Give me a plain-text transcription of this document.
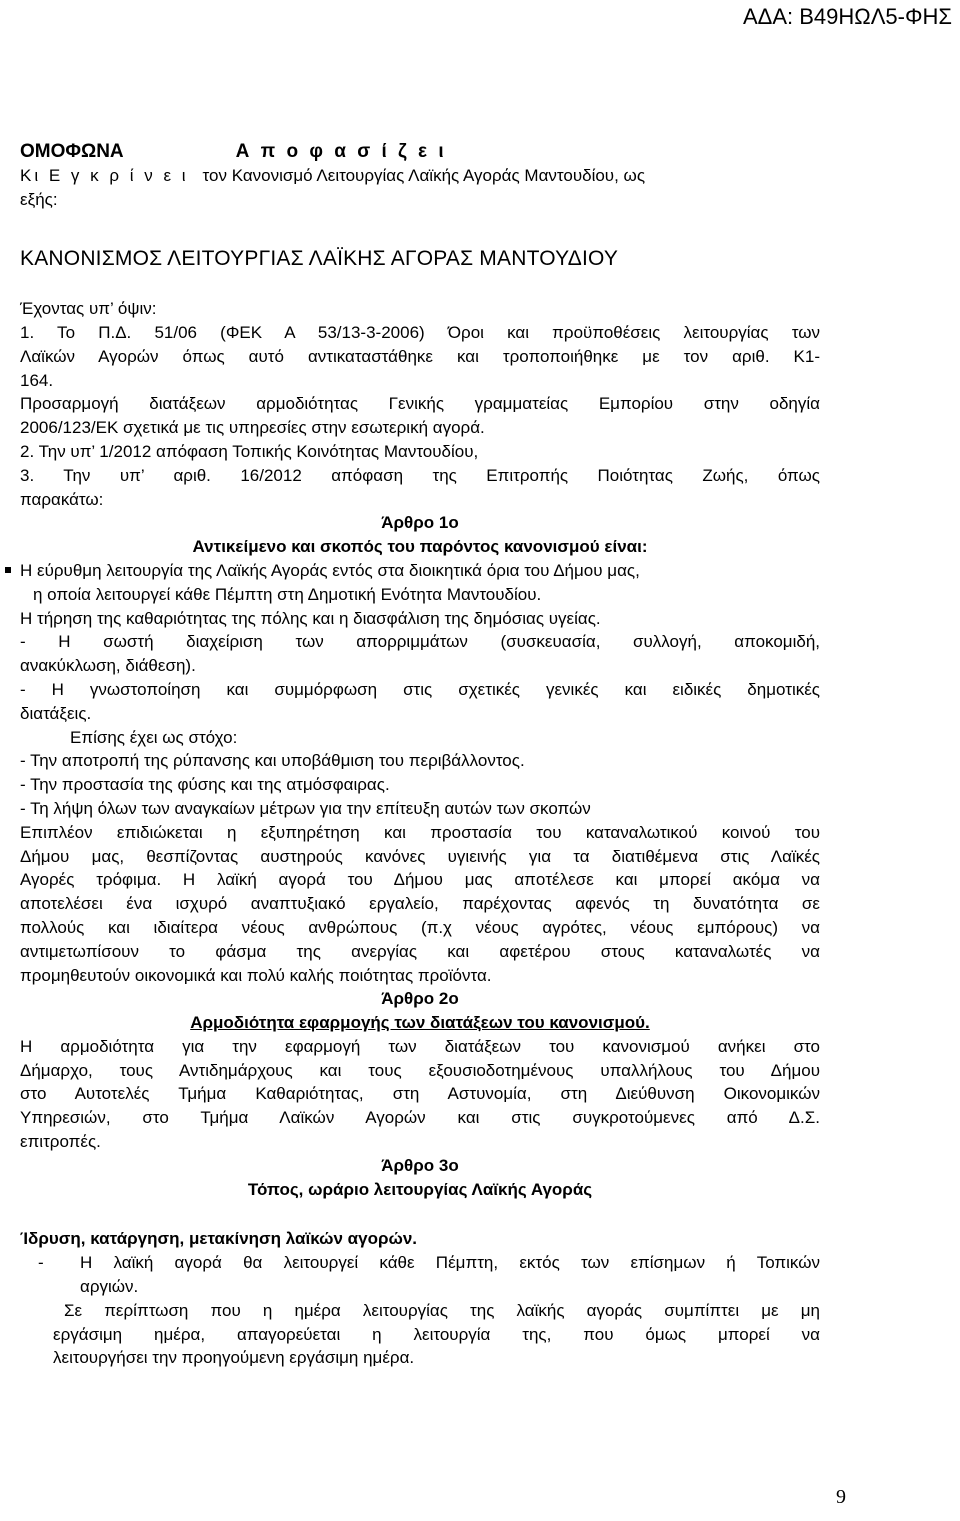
ΑΔΑ: Β49ΗΩΛ5-ΦΗΣ
ΟΜΟΦΩΝΑ	Α π ο φ α σ ί ζ ε ι
Κι Ε γ κ ρ ί ν ε ι τον Κανονισμό Λειτουργίας Λαϊκής Αγοράς Μαντουδίου, ως
εξής:
ΚΑΝΟΝΙΣΜΟΣ ΛΕΙΤΟΥΡΓΙΑΣ ΛΑΪΚΗΣ ΑΓΟΡΑΣ ΜΑΝΤΟΥΔΙΟΥ
Έχοντας υπ’ όψιν:
1. Το Π.Δ. 51/06 (ΦΕΚ Α 53/13-3-2006) Όροι και προϋποθέσεις λειτουργίας των
Λαϊκών Αγορών όπως αυτό αντικαταστάθηκε και τροποποιήθηκε με τον αριθ. Κ1-
164.
Προσαρμογή διατάξεων αρμοδιότητας Γενικής γραμματείας Εμπορίου στην οδηγία
2006/123/ΕΚ σχετικά με τις υπηρεσίες στην εσωτερική αγορά.
2. Την υπ’ 1/2012 απόφαση Τοπικής Κοινότητας Μαντουδίου,
3. Την υπ’ αριθ. 16/2012 απόφαση της Επιτροπής Ποιότητας Ζωής, όπως
παρακάτω:
Άρθρο 1ο
Αντικείμενο και σκοπός του παρόντος κανονισμού είναι:
Η εύρυθμη λειτουργία της Λαϊκής Αγοράς εντός στα διοικητικά όρια του Δήμου μας,
η οποία λειτουργεί κάθε Πέμπτη στη Δημοτική Ενότητα Μαντουδίου.
Η τήρηση της καθαριότητας της πόλης και η διασφάλιση της δημόσιας υγείας.
- Η σωστή διαχείριση των απορριμμάτων (συσκευασία, συλλογή, αποκομιδή,
ανακύκλωση, διάθεση).
- Η γνωστοποίηση και συμμόρφωση στις σχετικές γενικές και ειδικές δημοτικές
διατάξεις.
Επίσης έχει ως στόχο:
- Την αποτροπή της ρύπανσης και υποβάθμιση του περιβάλλοντος.
- Την προστασία της φύσης και της ατμόσφαιρας.
- Τη λήψη όλων των αναγκαίων μέτρων για την επίτευξη αυτών των σκοπών
Επιπλέον επιδιώκεται η εξυπηρέτηση και προστασία του καταναλωτικού κοινού του
Δήμου μας, θεσπίζοντας αυστηρούς κανόνες υγιεινής για τα διατιθέμενα στις Λαϊκές
Αγορές τρόφιμα. Η λαϊκή αγορά του Δήμου μας απoτέλεσε και μπορεί ακόμα να
αποτελέσει ένα ισχυρό αναπτυξιακό εργαλείο, παρέχοντας αφενός τη δυνατότητα σε
πολλούς και ιδιαίτερα νέους ανθρώπους (π.χ νέους αγρότες, νέους εμπόρους) να
αντιμετωπίσουν το φάσμα της ανεργίας και αφετέρου στους καταναλωτές να
προμηθευτούν οικονομικά και πολύ καλής ποιότητας προϊόντα.
Άρθρο 2ο
Αρμοδιότητα εφαρμογής των διατάξεων του κανονισμού.
Η αρμοδιότητα για την εφαρμογή των διατάξεων του κανονισμού ανήκει στο
Δήμαρχο, τους Αντιδημάρχους και τους εξουσιοδοτημένους υπαλλήλους του Δήμου
στο Αυτοτελές Τμήμα Καθαριότητας, στη Αστυνομία, στη Διεύθυνση Οικονομικών
Υπηρεσιών, στο Τμήμα Λαϊκών Αγορών και στις συγκροτούμενες από Δ.Σ.
επιτροπές.
Άρθρο 3ο
Τόπος, ωράριο λειτουργίας Λαϊκής Αγοράς
Ίδρυση, κατάργηση, μετακίνηση λαϊκών αγορών.
- Η λαϊκή αγορά θα λειτουργεί κάθε Πέμπτη, εκτός των επίσημων ή Τοπικών
αργιών.
Σε περίπτωση που η ημέρα λειτουργίας της λαϊκής αγοράς συμπίπτει με μη
εργάσιμη ημέρα, απαγορεύεται η λειτουργία της, που όμως μπορεί να
λειτουργήσει την προηγούμενη εργάσιμη ημέρα.
9
